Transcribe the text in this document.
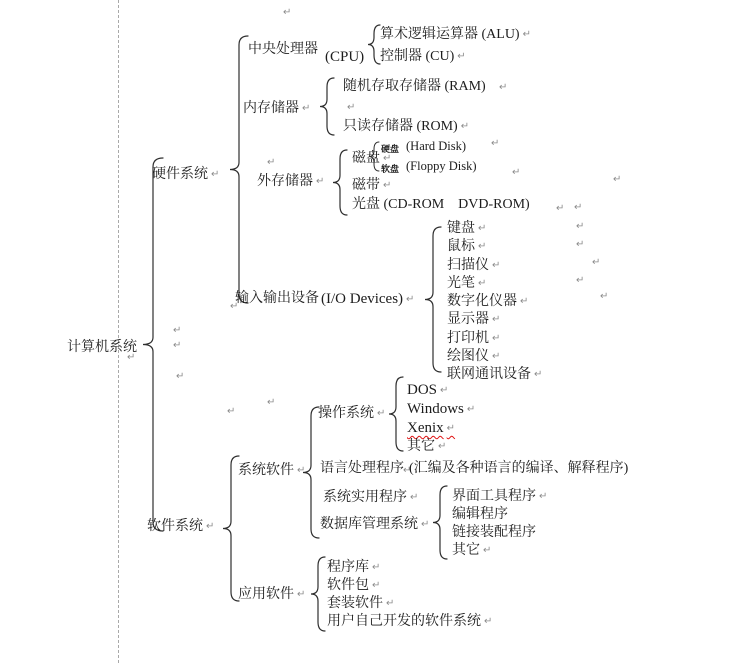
计算机系统
硬件系统 ↵
中央处理器 (CPU)
算术逻辑运算器 (ALU) ↵
控制器 (CU) ↵
内存储器 ↵
随机存取存储器 (RAM)
只读存储器 (ROM) ↵
外存储器 ↵
磁盘 ↵
硬盘 (Hard Disk)
软盘 (Floppy Disk)
磁带 ↵
光盘 (CD-ROM    DVD-ROM)
输入输出设备 (I/O Devices) ↵
键盘 ↵
鼠标 ↵
扫描仪 ↵
光笔 ↵
数字化仪器 ↵
显示器 ↵
打印机 ↵
绘图仪 ↵
联网通讯设备 ↵
软件系统 ↵
系统软件 ↵
操作系统 ↵
DOS ↵
Windows ↵
Xenix ↵
其它 ↵
语言处理程序 (汇编及各种语言的编译、解释程序)
系统实用程序 ↵
数据库管理系统 ↵
界面工具程序 ↵
编辑程序
链接装配程序
其它 ↵
应用软件 ↵
程序库 ↵
软件包 ↵
套装软件 ↵
用户自己开发的软件系统 ↵
↵
↵
↵
↵
↵
↵
↵
↵ ↵
↵
↵
↵
↵
↵
↵
↵
↵
↵
↵
↵
↵
↵
